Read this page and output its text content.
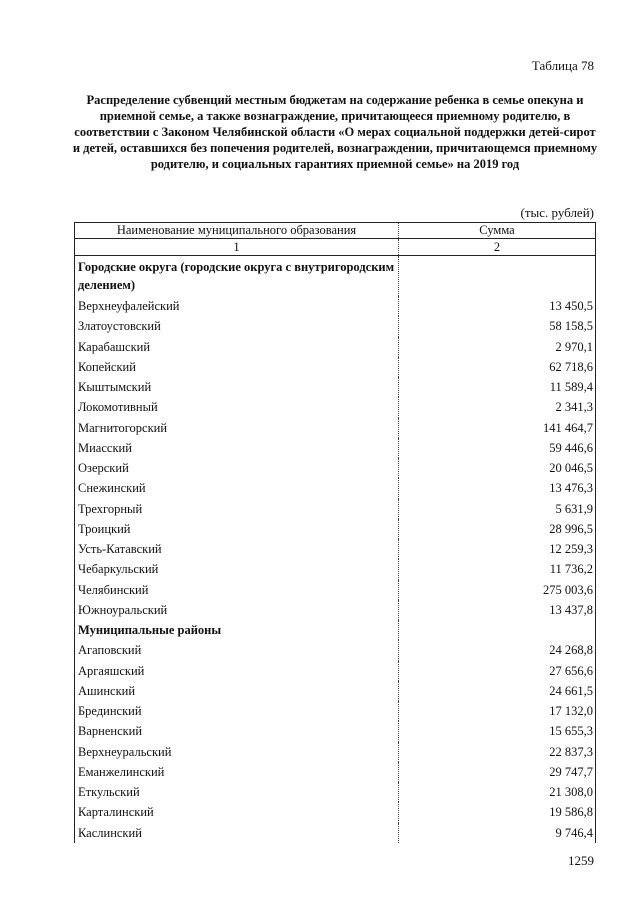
Таблица 78
Распределение субвенций местным бюджетам на содержание ребенка в семье опекуна и приемной семье, а также вознаграждение, причитающееся приемному родителю, в соответствии с Законом Челябинской области «О мерах социальной поддержки детей-сирот и детей, оставшихся без попечения родителей, вознаграждении, причитающемся приемному родителю, и социальных гарантиях приемной семье» на 2019 год
(тыс. рублей)
Наименование муниципального образования	Сумма
1	2
Городские округа (городские округа с внутригородским делением)	
Верхнеуфалейский	13 450,5
Златоустовский	58 158,5
Карабашский	2 970,1
Копейский	62 718,6
Кыштымский	11 589,4
Локомотивный	2 341,3
Магнитогорский	141 464,7
Миасский	59 446,6
Озерский	20 046,5
Снежинский	13 476,3
Трехгорный	5 631,9
Троицкий	28 996,5
Усть-Катавский	12 259,3
Чебаркульский	11 736,2
Челябинский	275 003,6
Южноуральский	13 437,8
Муниципальные районы	
Агаповский	24 268,8
Аргаяшский	27 656,6
Ашинский	24 661,5
Брединский	17 132,0
Варненский	15 655,3
Верхнеуральский	22 837,3
Еманжелинский	29 747,7
Еткульский	21 308,0
Карталинский	19 586,8
Каслинский	9 746,4
1259
